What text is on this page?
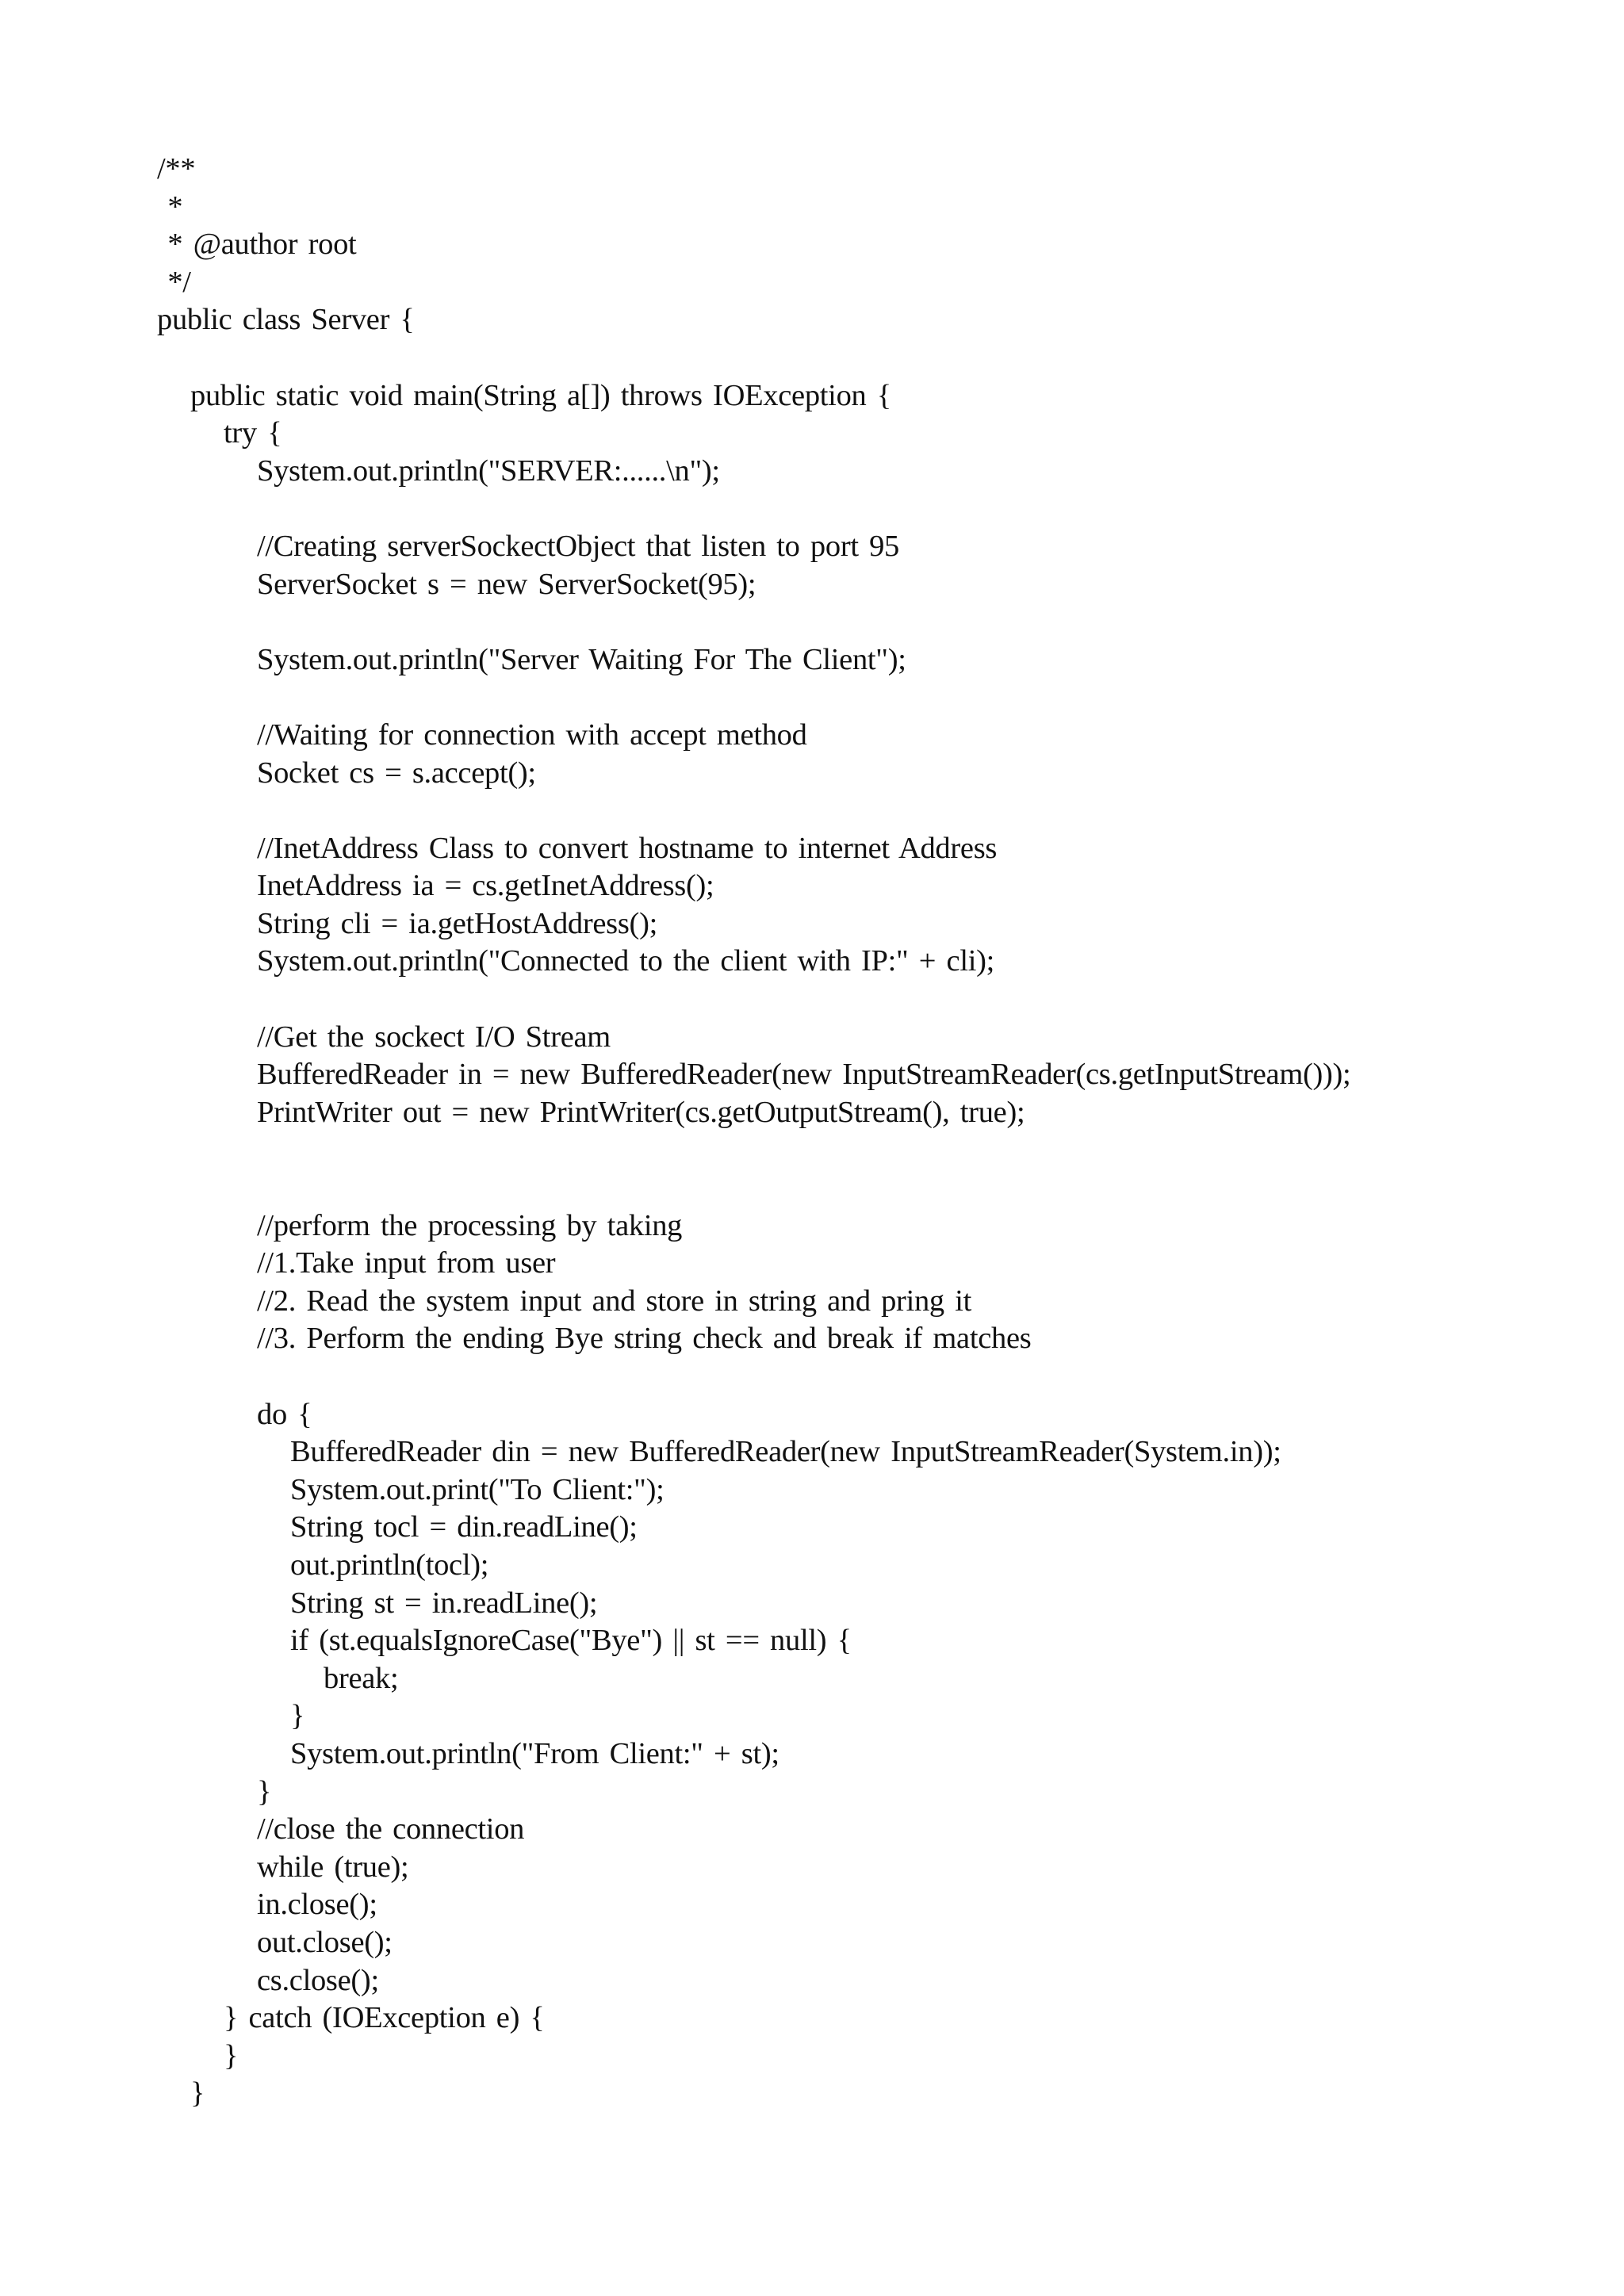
/**
*
* @author root
*/
public class Server {
public static void main(String a[]) throws IOException {
try {
System.out.println("SERVER:......\n");
//Creating serverSockectObject that listen to port 95
ServerSocket s = new ServerSocket(95);
System.out.println("Server Waiting For The Client");
//Waiting for connection with accept method
Socket cs = s.accept();
//InetAddress Class to convert hostname to internet Address
InetAddress ia = cs.getInetAddress();
String cli = ia.getHostAddress();
System.out.println("Connected to the client with IP:" + cli);
//Get the sockect I/O Stream
BufferedReader in = new BufferedReader(new InputStreamReader(cs.getInputStream()));
PrintWriter out = new PrintWriter(cs.getOutputStream(), true);
//perform the processing by taking
//1.Take input from user
//2. Read the system input and store in string and pring it
//3. Perform the ending Bye string check and break if matches
do {
BufferedReader din = new BufferedReader(new InputStreamReader(System.in));
System.out.print("To Client:");
String tocl = din.readLine();
out.println(tocl);
String st = in.readLine();
if (st.equalsIgnoreCase("Bye") || st == null) {
break;
}
System.out.println("From Client:" + st);
}
//close the connection
while (true);
in.close();
out.close();
cs.close();
} catch (IOException e) {
}
}
